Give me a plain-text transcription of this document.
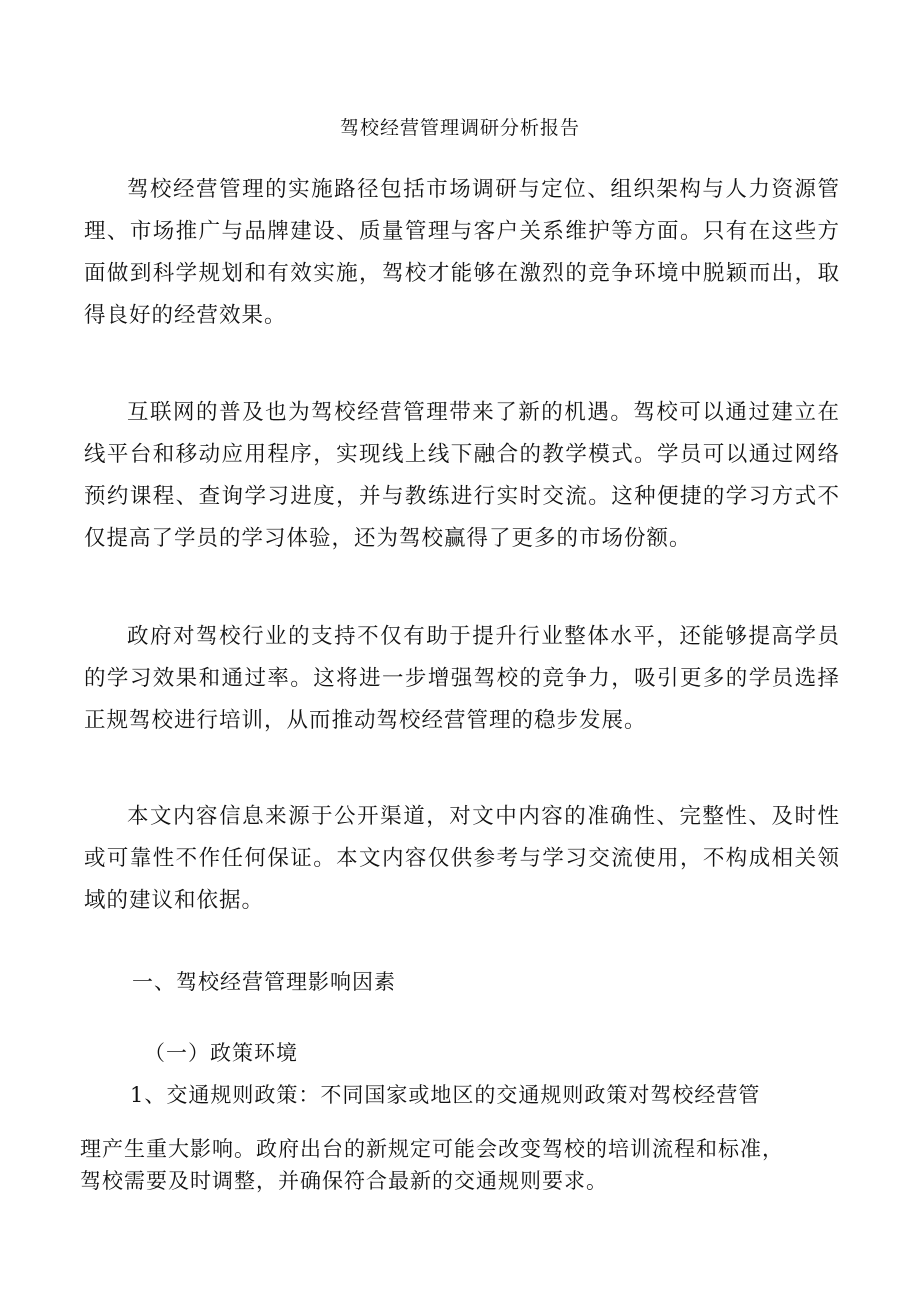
驾校经营管理调研分析报告

驾校经营管理的实施路径包括市场调研与定位、组织架构与人力资源管理、市场推广与品牌建设、质量管理与客户关系维护等方面。只有在这些方面做到科学规划和有效实施，驾校才能够在激烈的竞争环境中脱颖而出，取得良好的经营效果。

互联网的普及也为驾校经营管理带来了新的机遇。驾校可以通过建立在线平台和移动应用程序，实现线上线下融合的教学模式。学员可以通过网络预约课程、查询学习进度，并与教练进行实时交流。这种便捷的学习方式不仅提高了学员的学习体验，还为驾校赢得了更多的市场份额。

政府对驾校行业的支持不仅有助于提升行业整体水平，还能够提高学员的学习效果和通过率。这将进一步增强驾校的竞争力，吸引更多的学员选择正规驾校进行培训，从而推动驾校经营管理的稳步发展。

本文内容信息来源于公开渠道，对文中内容的准确性、完整性、及时性或可靠性不作任何保证。本文内容仅供参考与学习交流使用，不构成相关领域的建议和依据。

一、驾校经营管理影响因素
（一）政策环境
1、交通规则政策：不同国家或地区的交通规则政策对驾校经营管
理产生重大影响。政府出台的新规定可能会改变驾校的培训流程和标准，
驾校需要及时调整，并确保符合最新的交通规则要求。
